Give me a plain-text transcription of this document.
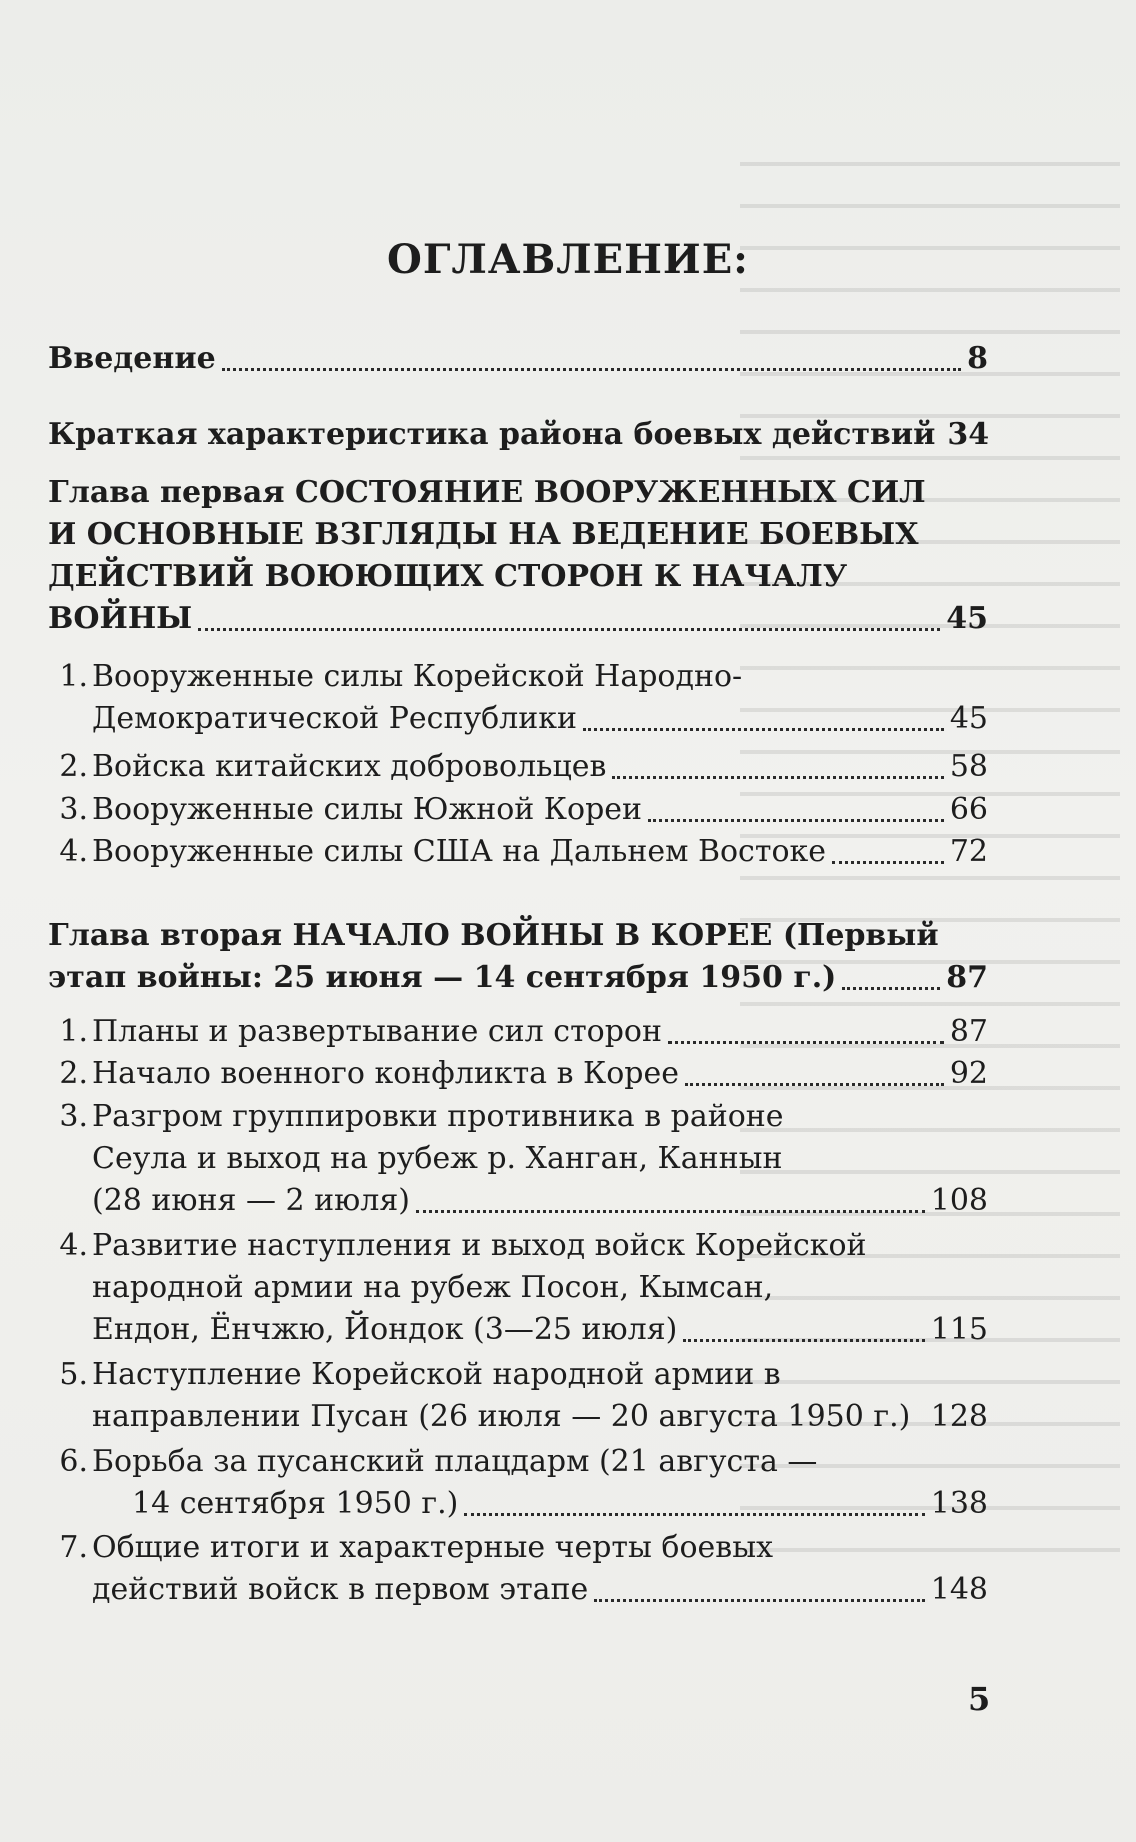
ОГЛАВЛЕНИЕ:
Введение	8
Краткая характеристика района боевых действий 34
Глава первая СОСТОЯНИЕ ВООРУЖЕННЫХ СИЛ
И ОСНОВНЫЕ ВЗГЛЯДЫ НА ВЕДЕНИЕ БОЕВЫХ
ДЕЙСТВИЙ ВОЮЮЩИХ СТОРОН К НАЧАЛУ
ВОЙНЫ	45
1. Вооруженные силы Корейской Народно-
Демократической Республики	45
2. Войска китайских добровольцев	58
3. Вооруженные силы Южной Кореи	66
4. Вооруженные силы США на Дальнем Востоке	72
Глава вторая НАЧАЛО ВОЙНЫ В КОРЕЕ (Первый
этап войны: 25 июня — 14 сентября 1950 г.)	87
1. Планы и развертывание сил сторон	87
2. Начало военного конфликта в Корее	92
3. Разгром группировки противника в районе
Сеула и выход на рубеж р. Ханган, Каннын
(28 июня — 2 июля)	108
4. Развитие наступления и выход войск Корейской
народной армии на рубеж Посон, Кымсан,
Ендон, Ёнчжю, Йондок (3—25 июля)	115
5. Наступление Корейской народной армии в
направлении Пусан (26 июля — 20 августа 1950 г.) 128
6. Борьба за пусанский плацдарм (21 августа —
14 сентября 1950 г.)	138
7. Общие итоги и характерные черты боевых
действий войск в первом этапе	148
5
